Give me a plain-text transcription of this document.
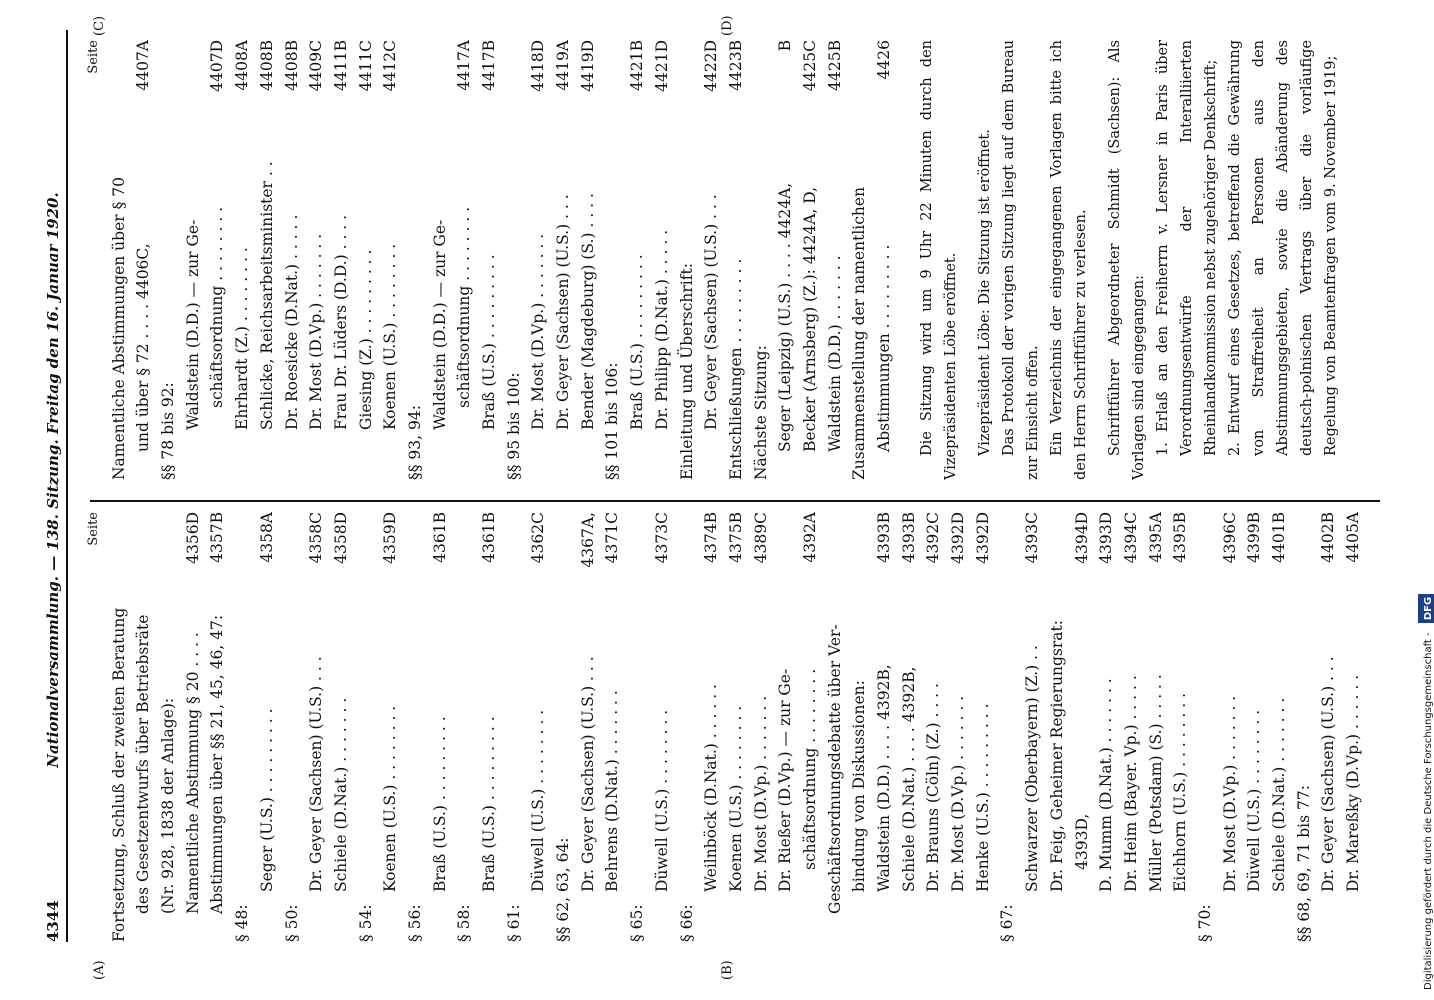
4344
Nationalversammlung. — 138. Sitzung. Freitag den 16. Januar 1920.
(A)	(B)
(C)	(D)
Seite
Fortsetzung, Schluß der zweiten Beratung des Gesetzentwurfs über Betriebsräte (Nr. 928, 1838 der Anlage): Namentliche Abstimmung § 20 . . . .
4356D
Abstimmungen über §§ 21, 45, 46, 47:
4357B
§ 48:
Seger (U.S.) . . . . . . . . .
4358A
§ 50:
Dr. Geyer (Sachsen) (U.S.) . . .
4358C
Schiele (D.Nat.) . . . . . . .
4358D
§ 54:
Koenen (U.S.) . . . . . . . .
4359D
§ 56:
Braß (U.S.) . . . . . . . . .
4361B
§ 58:
Braß (U.S.) . . . . . . . . .
4361B
§ 61:
Düwell (U.S.) . . . . . . . .
4362C
§§ 62, 63, 64: Dr. Geyer (Sachsen) (U.S.) . . .
4367A,
Behrens (D.Nat.) . . . . . . .
4371C
§ 65:
Düwell (U.S.) . . . . . . . .
4373C
§ 66:
Weilnböck (D.Nat.) . . . . . .
4374B
Koenen (U.S.) . . . . . . . .
4375B
Dr. Most (D.Vp.) . . . . . . .
4389C
Dr. Rießer (D.Vp.) — zur Ge- schäftsordnung . . . . . . . .
4392A
Geschäftsordnungsdebatte über Ver- bindung von Diskussionen: Waldstein (D.D.) . . . . 4392B,
4393B
Schiele (D.Nat.) . . . . 4392B,
4393B
Dr. Brauns (Cöln) (Z.) . . . .
4392C
Dr. Most (D.Vp.) . . . . . . .
4392D
Henke (U.S.) . . . . . . . . .
4392D
§ 67:
Schwarzer (Oberbayern) (Z.) . .
4393C
Dr. Feig, Geheimer Regierungsrat: 4393D,
4394D
D. Mumm (D.Nat.) . . . . . . .
4393D
Dr. Heim (Bayer. Vp.) . . . . .
4394C
Müller (Potsdam) (S.) . . . . .
4395A
Eichhorn (U.S.) . . . . . . . .
4395B
§ 70:
Dr. Most (D.Vp.) . . . . . . .
4396C
Düwell (U.S.) . . . . . . . .
4399B
Schiele (D.Nat.) . . . . . . .
4401B
§§ 68, 69, 71 bis 77: Dr. Geyer (Sachsen) (U.S.) . . .
4402B
Dr. Mareßky (D.Vp.) . . . . . .
4405A
Seite
Namentliche Abstimmungen über § 70 und über § 72 . . . . 4406C,
4407A
§§ 78 bis 92:
Waldstein (D.D.) — zur Ge- schäftsordnung . . . . . . . .
4407D
Ehrhardt (Z.) . . . . . . . .
4408A
Schlicke, Reichsarbeitsminister . .
4408B
Dr. Roesicke (D.Nat.) . . . . .
4408B
Dr. Most (D.Vp.) . . . . . . .
4409C
Frau Dr. Lüders (D.D.) . . . .
4411B
Giesing (Z.) . . . . . . . . .
4411C
Koenen (U.S.) . . . . . . . .
4412C
§§ 93, 94:
Waldstein (D.D.) — zur Ge- schäftsordnung . . . . . . . .
4417A
Braß (U.S.) . . . . . . . . .
4417B
§§ 95 bis 100: Dr. Most (D.Vp.) . . . . . . .
4418D
Dr. Geyer (Sachsen) (U.S.) . . .
4419A
Bender (Magdeburg) (S.) . . . .
4419D
§§ 101 bis 106: Braß (U.S.) . . . . . . . . .
4421B
Dr. Philipp (D.Nat.) . . . . .
4421D
Einleitung und Überschrift: Dr. Geyer (Sachsen) (U.S.) . . .
4422D
Entschließungen . . . . . . . . .
4423B
Nächste Sitzung: Seger (Leipzig) (U.S.) . . . . 4424A,
B
Becker (Arnsberg) (Z.): 4424A, D,
4425C
Waldstein (D.D.) . . . . . . .
4425B
Zusammenstellung der namentlichen Abstimmungen . . . . . . . . .
4426 Die Sitzung wird um 9 Uhr 22 Minuten durch den Vizepräsidenten Löbe eröffnet. Vizepräsident Löbe: Die Sitzung ist eröffnet. Das Protokoll der vorigen Sitzung liegt auf dem Bureau zur Einsicht offen. Ein Verzeichnis der eingegangenen Vorlagen bitte ich den Herrn Schriftführer zu verlesen. Schriftführer Abgeordneter Schmidt (Sachsen): Als Vorlagen sind eingegangen: 1. Erlaß an den Freiherrn v. Lersner in Paris über Verordnungsentwürfe der Interalliierten Rheinlandkommission nebst zugehöriger Denkschrift; 2. Entwurf eines Gesetzes, betreffend die Gewährung von Straffreiheit an Personen aus den Abstimmungsgebieten, sowie die Abänderung des deutsch-polnischen Vertrags über die vorläufige Regelung von Beamtenfragen vom 9. November 1919;
Digitalisierung gefördert durch die Deutsche Forschungsgemeinschaft - DFG
